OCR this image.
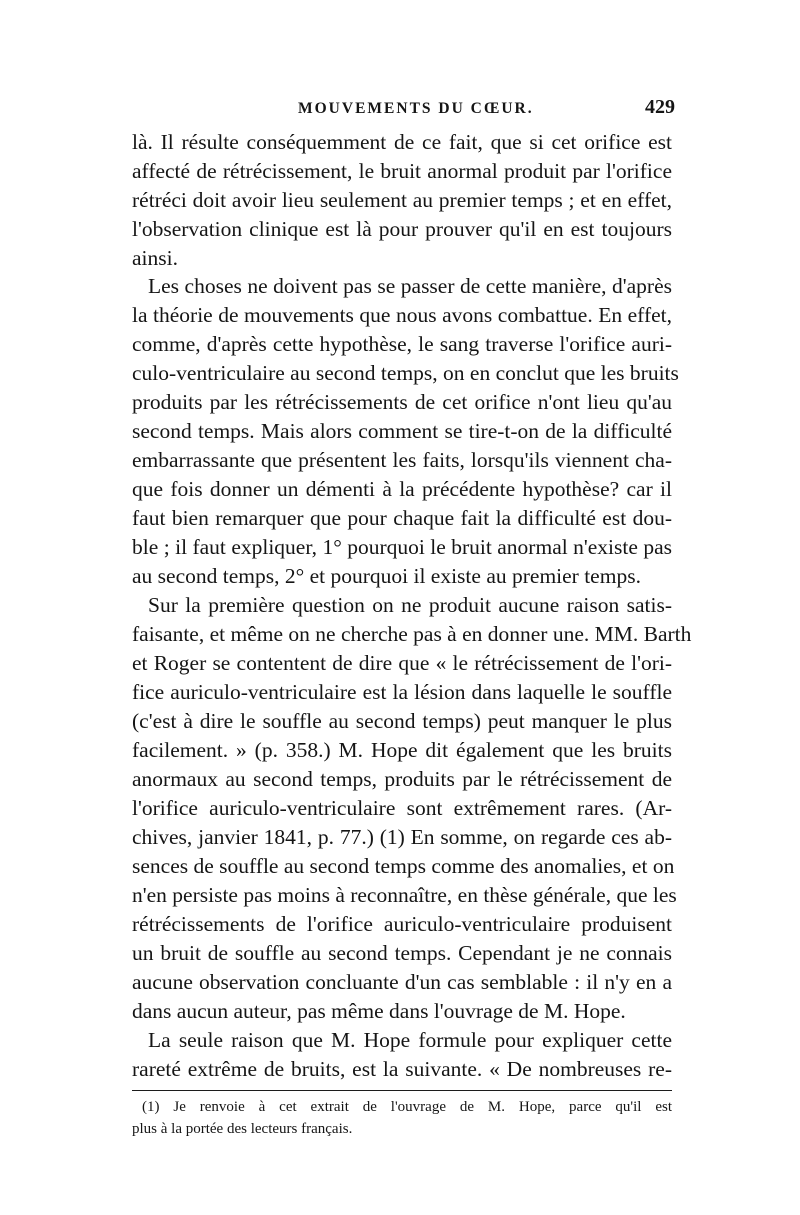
MOUVEMENTS DU CŒUR.	429
là. Il résulte conséquemment de ce fait, que si cet orifice est
affecté de rétrécissement, le bruit anormal produit par l'orifice
rétréci doit avoir lieu seulement au premier temps ; et en effet,
l'observation clinique est là pour prouver qu'il en est toujours
ainsi.
Les choses ne doivent pas se passer de cette manière, d'après
la théorie de mouvements que nous avons combattue. En effet,
comme, d'après cette hypothèse, le sang traverse l'orifice auri-
culo-ventriculaire au second temps, on en conclut que les bruits
produits par les rétrécissements de cet orifice n'ont lieu qu'au
second temps. Mais alors comment se tire-t-on de la difficulté
embarrassante que présentent les faits, lorsqu'ils viennent cha-
que fois donner un démenti à la précédente hypothèse? car il
faut bien remarquer que pour chaque fait la difficulté est dou-
ble ; il faut expliquer, 1° pourquoi le bruit anormal n'existe pas
au second temps, 2° et pourquoi il existe au premier temps.
Sur la première question on ne produit aucune raison satis-
faisante, et même on ne cherche pas à en donner une. MM. Barth
et Roger se contentent de dire que « le rétrécissement de l'ori-
fice auriculo-ventriculaire est la lésion dans laquelle le souffle
(c'est à dire le souffle au second temps) peut manquer le plus
facilement. » (p. 358.) M. Hope dit également que les bruits
anormaux au second temps, produits par le rétrécissement de
l'orifice auriculo-ventriculaire sont extrêmement rares. (Ar-
chives, janvier 1841, p. 77.) (1) En somme, on regarde ces ab-
sences de souffle au second temps comme des anomalies, et on
n'en persiste pas moins à reconnaître, en thèse générale, que les
rétrécissements de l'orifice auriculo-ventriculaire produisent
un bruit de souffle au second temps. Cependant je ne connais
aucune observation concluante d'un cas semblable : il n'y en a
dans aucun auteur, pas même dans l'ouvrage de M. Hope.
La seule raison que M. Hope formule pour expliquer cette
rareté extrême de bruits, est la suivante. « De nombreuses re-
(1) Je renvoie à cet extrait de l'ouvrage de M. Hope, parce qu'il est
plus à la portée des lecteurs français.
